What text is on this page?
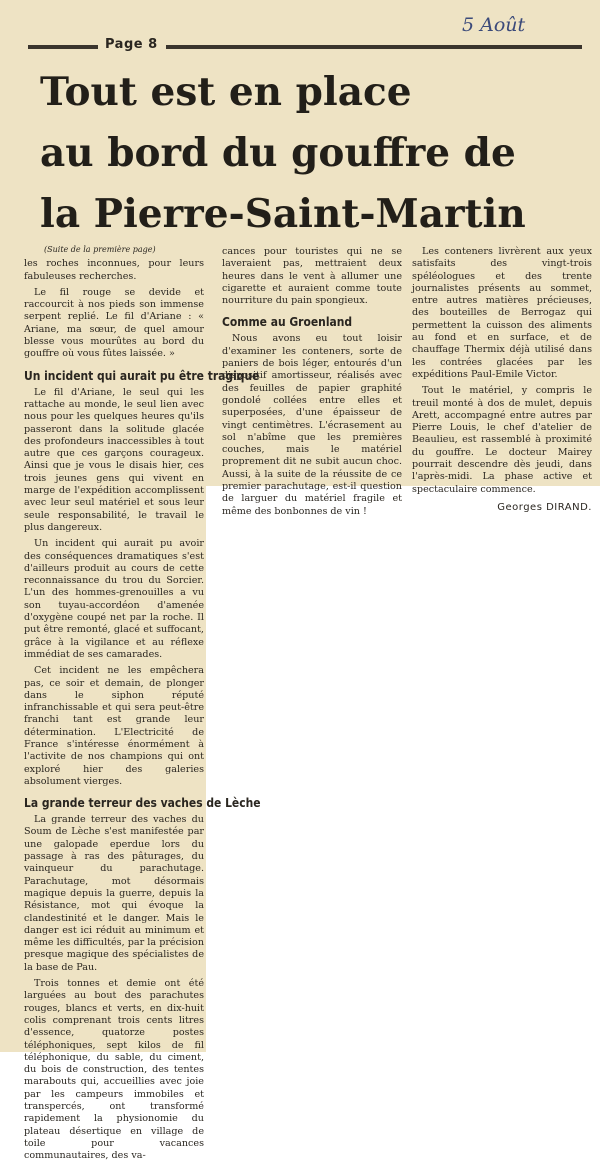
Page 8
5 Août
Tout est en place
au bord du gouffre de
la Pierre-Saint-Martin
(Suite de la première page)

les roches inconnues, pour leurs fabuleuses recherches.

Le fil rouge se devide et raccourcit à nos pieds son immense serpent replié. Le fil d'Ariane : « Ariane, ma sœur, de quel amour blesse vous mourûtes au bord du gouffre où vous fûtes laissée. »

Un incident qui aurait pu être tragique

Le fil d'Ariane, le seul qui les rattache au monde, le seul lien avec nous pour les quelques heures qu'ils passeront dans la solitude glacée des profondeurs inaccessibles à tout autre que ces garçons courageux. Ainsi que je vous le disais hier, ces trois jeunes gens qui vivent en marge de l'expédition accomplissent avec leur seul matériel et sous leur seule responsabilité, le travail le plus dangereux.

Un incident qui aurait pu avoir des conséquences dramatiques s'est d'ailleurs produit au cours de cette reconnaissance du trou du Sorcier. L'un des hommes-grenouilles a vu son tuyau-accordéon d'amenée d'oxygène coupé net par la roche. Il put être remonté, glacé et suffocant, grâce à la vigilance et au réflexe immédiat de ses camarades.

Cet incident ne les empêchera pas, ce soir et demain, de plonger dans le siphon réputé infranchissable et qui sera peut-être franchi tant est grande leur détermination. L'Electricité de France s'intéresse énormément à l'activite de nos champions qui ont exploré hier des galeries absolument vierges.

La grande terreur des vaches de Lèche

La grande terreur des vaches du Soum de Lèche s'est manifestée par une galopade eperdue lors du passage à ras des pâturages, du vainqueur du parachutage. Parachutage, mot désormais magique depuis la guerre, depuis la Résistance, mot qui évoque la clandestinité et le danger. Mais le danger est ici réduit au minimum et même les difficultés, par la précision presque magique des spécialistes de la base de Pau.

Trois tonnes et demie ont été larguées au bout des parachutes rouges, blancs et verts, en dix-huit colis comprenant trois cents litres d'essence, quatorze postes téléphoniques, sept kilos de fil téléphonique, du sable, du ciment, du bois de construction, des tentes marabouts qui, accueillies avec joie par les campeurs immobiles et transpercés, ont transformé rapidement la physionomie du plateau désertique en village de toile pour vacances communautaires, des va-

cances pour touristes qui ne se laveraient pas, mettraient deux heures dans le vent à allumer une cigarette et auraient comme toute nourriture du pain spongieux.

Comme au Groenland

Nous avons eu tout loisir d'examiner les conteners, sorte de paniers de bois léger, entourés d'un dispositif amortisseur, réalisés avec des feuilles de papier graphité gondolé collées entre elles et superposées, d'une épaisseur de vingt centimètres. L'écrasement au sol n'abîme que les premières couches, mais le matériel proprement dit ne subit aucun choc. Aussi, à la suite de la réussite de ce premier parachutage, est-il question de larguer du matériel fragile et même des bonbonnes de vin !

Les conteners livrèrent aux yeux satisfaits des vingt-trois spéléologues et des trente journalistes présents au sommet, entre autres matières précieuses, des bouteilles de Berrogaz qui permettent la cuisson des aliments au fond et en surface, et de chauffage Thermix déjà utilisé dans les contrées glacées par les expéditions Paul-Emile Victor.

Tout le matériel, y compris le treuil monté à dos de mulet, depuis Arett, accompagné entre autres par Pierre Louis, le chef d'atelier de Beaulieu, est rassemblé à proximité du gouffre. Le docteur Mairey pourrait descendre dès jeudi, dans l'après-midi. La phase active et spectaculaire commence.

Georges DIRAND.
